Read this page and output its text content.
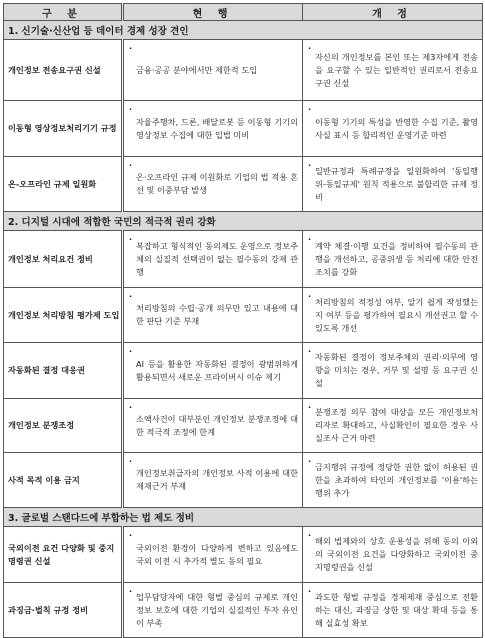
구 분	현 행	개 정
1. 신기술·신산업 등 데이터 경제 성장 견인		
개인정보 전송요구권 신설	· 금융·공공 분야에서만 제한적 도입	· 자신의 개인정보를 본인 또는 제3자에게 전송을 요구할 수 있는 일반적인 권리로서 전송요구권 신설
이동형 영상정보처리기기 규정	· 자율주행차, 드론, 배달로봇 등 이동형 기기의 영상정보 수집에 대한 입법 미비	· 이동형 기기의 특성을 반영한 수집 기준, 촬영 사실 표시 등 합리적인 운영기준 마련
온-오프라인 규제 일원화	· 온·오프라인 규제 이원화로 기업의 법 적용 혼선 및 이중부담 발생	· 일반규정과 특례규정을 일원화하여 '동일행위-동일규제' 원칙 적용으로 불합리한 규제 정비
2. 디지털 시대에 적합한 국민의 적극적 권리 강화		
개인정보 처리요건 정비	· 복잡하고 형식적인 동의제도 운영으로 정보주체의 실질적 선택권이 없는 필수동의 강제 관행	· 계약 체결·이행 요건을 정비하여 필수동의 관행을 개선하고, 공중위생 등 처리에 대한 안전조치를 강화
개인정보 처리방침 평가제 도입	· 처리방침의 수립·공개 의무만 있고 내용에 대한 판단 기준 부재	· 처리방침의 적정성 여부, 알기 쉽게 작성했는지 여부 등을 평가하여 필요시 개선권고 할 수 있도록 개선
자동화된 결정 대응권	· AI 등을 활용한 자동화된 결정이 광범위하게 활용되면서 새로운 프라이버시 이슈 제기	· 자동화된 결정이 정보주체의 권리·의무에 영향을 미치는 경우, 거부 및 설명 등 요구권 신설
개인정보 분쟁조정	· 소액사건이 대부분인 개인정보 분쟁조정에 대한 적극적 조정에 한계	· 분쟁조정 의무 참여 대상을 모든 개인정보처리자로 확대하고, 사실확인이 필요한 경우 사실조사 근거 마련
사적 목적 이용 금지	· 개인정보취급자의 개인정보 사적 이용에 대한 제재근거 부재	· 금지행위 규정에 정당한 권한 없이 허용된 권한을 초과하여 타인의 개인정보를 '이용'하는 행위 추가
3. 글로벌 스탠다드에 부합하는 법 제도 정비		
국외이전 요건 다양화 및 중지명령권 신설	· 국외이전 환경이 다양하게 변하고 있음에도 국외 이전 시 추가적 별도 동의 필요	· 해외 법제와의 상호 운용성을 위해 동의 이외의 국외이전 요건을 다양화하고 국외이전 중지명령권을 신설
과징금·벌칙 규정 정비	· 업무담당자에 대한 형벌 중심의 규제로 개인정보 보호에 대한 기업의 실질적인 투자 유인이 부족	· 과도한 형벌 규정을 경제제재 중심으로 전환하는 대신, 과징금 상한 및 대상 확대 등을 통해 실효성 확보
